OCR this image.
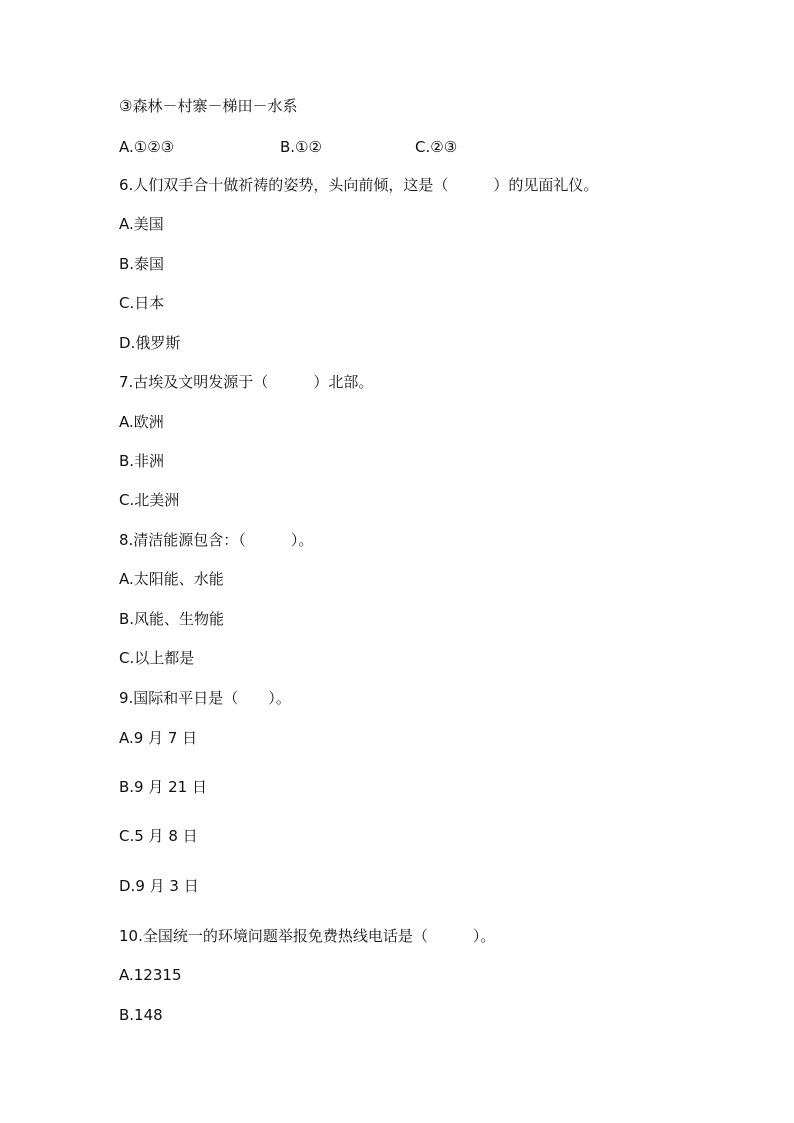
③森林－村寨－梯田－水系
A.①②③	B.①②	C.②③
6.人们双手合十做祈祷的姿势，头向前倾，这是（　　　）的见面礼仪。
A.美国
B.泰国
C.日本
D.俄罗斯
7.古埃及文明发源于（　　　）北部。
A.欧洲
B.非洲
C.北美洲
8.清洁能源包含：（　　　）。
A.太阳能、水能
B.风能、生物能
C.以上都是
9.国际和平日是（　　）。
A.9 月 7 日
B.9 月 21 日
C.5 月 8 日
D.9 月 3 日
10.全国统一的环境问题举报免费热线电话是（　　　）。
A.12315
B.148
